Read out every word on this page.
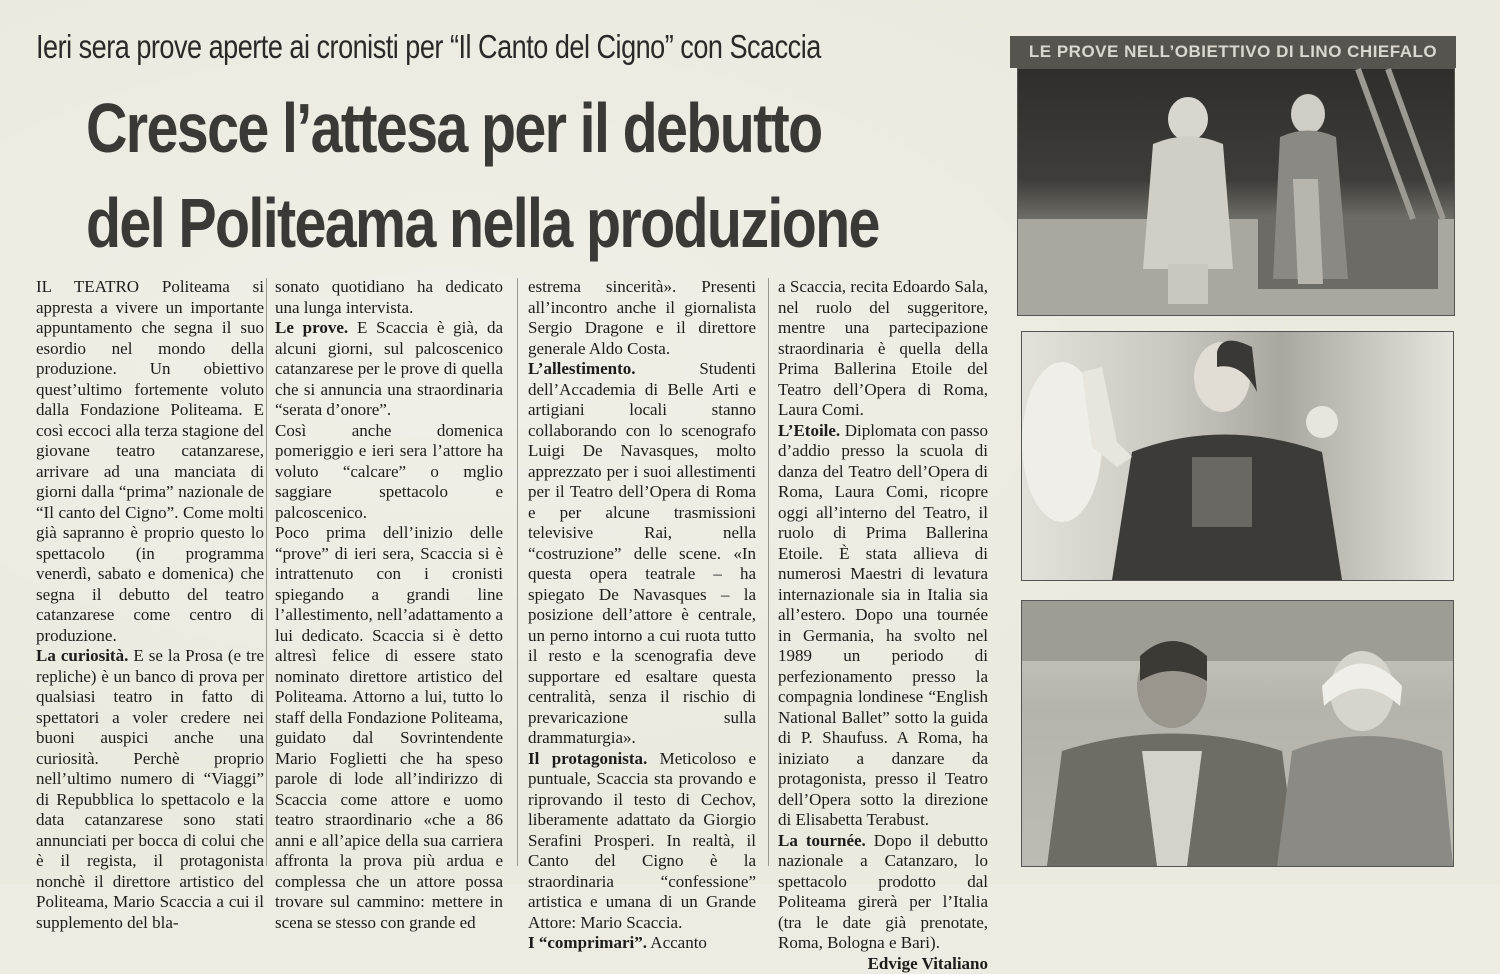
Ieri sera prove aperte ai cronisti per “Il Canto del Cigno” con Scaccia
Cresce l’attesa per il debutto
del Politeama nella produzione

IL TEATRO Politeama si appresta a vivere un importante appuntamento che segna il suo esordio nel mondo della produzione. Un obiettivo quest’ultimo fortemente voluto dalla Fondazione Politeama. E così eccoci alla terza stagione del giovane teatro catanzarese, arrivare ad una manciata di giorni dalla “prima” nazionale de “Il canto del Cigno”. Come molti già sapranno è proprio questo lo spettacolo (in programma venerdì, sabato e domenica) che segna il debutto del teatro catanzarese come centro di produzione.

La curiosità. E se la Prosa (e tre repliche) è un banco di prova per qualsiasi teatro in fatto di spettatori a voler credere nei buoni auspici anche una curiosità. Perchè proprio nell’ultimo numero di “Viaggi” di Repubblica lo spettacolo e la data catanzarese sono stati annunciati per bocca di colui che è il regista, il protagonista nonchè il direttore artistico del Politeama, Mario Scaccia a cui il supplemento del bla-

sonato quotidiano ha dedicato una lunga intervista.

Le prove. E Scaccia è già, da alcuni giorni, sul palcoscenico catanzarese per le prove di quella che si annuncia una straordinaria “serata d’onore”.

Così anche domenica pomeriggio e ieri sera l’attore ha voluto “calcare” o mglio saggiare spettacolo e palcoscenico.

Poco prima dell’inizio delle “prove” di ieri sera, Scaccia si è intrattenuto con i cronisti spiegando a grandi line l’allestimento, nell’adattamento a lui dedicato. Scaccia si è detto altresì felice di essere stato nominato direttore artistico del Politeama. Attorno a lui, tutto lo staff della Fondazione Politeama, guidato dal Sovrintendente Mario Foglietti che ha speso parole di lode all’indirizzo di Scaccia come attore e uomo teatro straordinario «che a 86 anni e all’apice della sua carriera affronta la prova più ardua e complessa che un attore possa trovare sul cammino: mettere in scena se stesso con grande ed

estrema sincerità». Presenti all’incontro anche il giornalista Sergio Dragone e il direttore generale Aldo Costa.

L’allestimento. Studenti dell’Accademia di Belle Arti e artigiani locali stanno collaborando con lo scenografo Luigi De Navasques, molto apprezzato per i suoi allestimenti per il Teatro dell’Opera di Roma e per alcune trasmissioni televisive Rai, nella “costruzione” delle scene. «In questa opera teatrale – ha spiegato De Navasques – la posizione dell’attore è centrale, un perno intorno a cui ruota tutto il resto e la scenografia deve supportare ed esaltare questa centralità, senza il rischio di prevaricazione sulla drammaturgia».

Il protagonista. Meticoloso e puntuale, Scaccia sta provando e riprovando il testo di Cechov, liberamente adattato da Giorgio Serafini Prosperi. In realtà, il Canto del Cigno è la straordinaria “confessione” artistica e umana di un Grande Attore: Mario Scaccia.

I “comprimari”. Accanto

a Scaccia, recita Edoardo Sala, nel ruolo del suggeritore, mentre una partecipazione straordinaria è quella della Prima Ballerina Etoile del Teatro dell’Opera di Roma, Laura Comi.

L’Etoile. Diplomata con passo d’addio presso la scuola di danza del Teatro dell’Opera di Roma, Laura Comi, ricopre oggi all’interno del Teatro, il ruolo di Prima Ballerina Etoile. È stata allieva di numerosi Maestri di levatura internazionale sia in Italia sia all’estero. Dopo una tournée in Germania, ha svolto nel 1989 un periodo di perfezionamento presso la compagnia londinese “English National Ballet” sotto la guida di P. Shaufuss. A Roma, ha iniziato a danzare da protagonista, presso il Teatro dell’Opera sotto la direzione di Elisabetta Terabust.

La tournée. Dopo il debutto nazionale a Catanzaro, lo spettacolo prodotto dal Politeama girerà per l’Italia (tra le date già prenotate, Roma, Bologna e Bari).

Edvige Vitaliano

LE PROVE NELL’OBIETTIVO DI LINO CHIEFALO
